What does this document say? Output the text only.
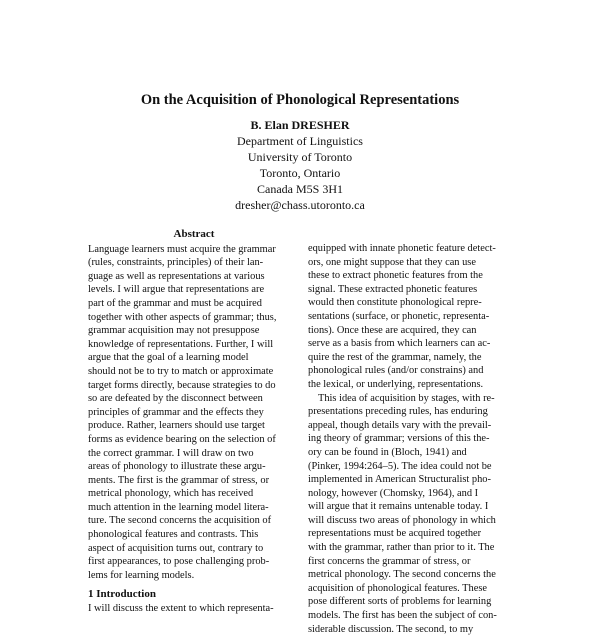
On the Acquisition of Phonological Representations
B. Elan DRESHER
Department of Linguistics
University of Toronto
Toronto, Ontario
Canada M5S 3H1
dresher@chass.utoronto.ca
Abstract
Language learners must acquire the grammar
(rules, constraints, principles) of their lan-
guage as well as representations at various
levels. I will argue that representations are
part of the grammar and must be acquired
together with other aspects of grammar; thus,
grammar acquisition may not presuppose
knowledge of representations. Further, I will
argue that the goal of a learning model
should not be to try to match or approximate
target forms directly, because strategies to do
so are defeated by the disconnect between
principles of grammar and the effects they
produce. Rather, learners should use target
forms as evidence bearing on the selection of
the correct grammar. I will draw on two
areas of phonology to illustrate these argu-
ments. The first is the grammar of stress, or
metrical phonology, which has received
much attention in the learning model litera-
ture. The second concerns the acquisition of
phonological features and contrasts. This
aspect of acquisition turns out, contrary to
first appearances, to pose challenging prob-
lems for learning models.
1 Introduction
I will discuss the extent to which representa-
equipped with innate phonetic feature detect-
ors, one might suppose that they can use
these to extract phonetic features from the
signal. These extracted phonetic features
would then constitute phonological repre-
sentations (surface, or phonetic, representa-
tions). Once these are acquired, they can
serve as a basis from which learners can ac-
quire the rest of the grammar, namely, the
phonological rules (and/or constrains) and
the lexical, or underlying, representations.
This idea of acquisition by stages, with re-
presentations preceding rules, has enduring
appeal, though details vary with the prevail-
ing theory of grammar; versions of this the-
ory can be found in (Bloch, 1941) and
(Pinker, 1994:264–5). The idea could not be
implemented in American Structuralist pho-
nology, however (Chomsky, 1964), and I
will argue that it remains untenable today. I
will discuss two areas of phonology in which
representations must be acquired together
with the grammar, rather than prior to it. The
first concerns the grammar of stress, or
metrical phonology. The second concerns the
acquisition of phonological features. These
pose different sorts of problems for learning
models. The first has been the subject of con-
siderable discussion. The second, to my
